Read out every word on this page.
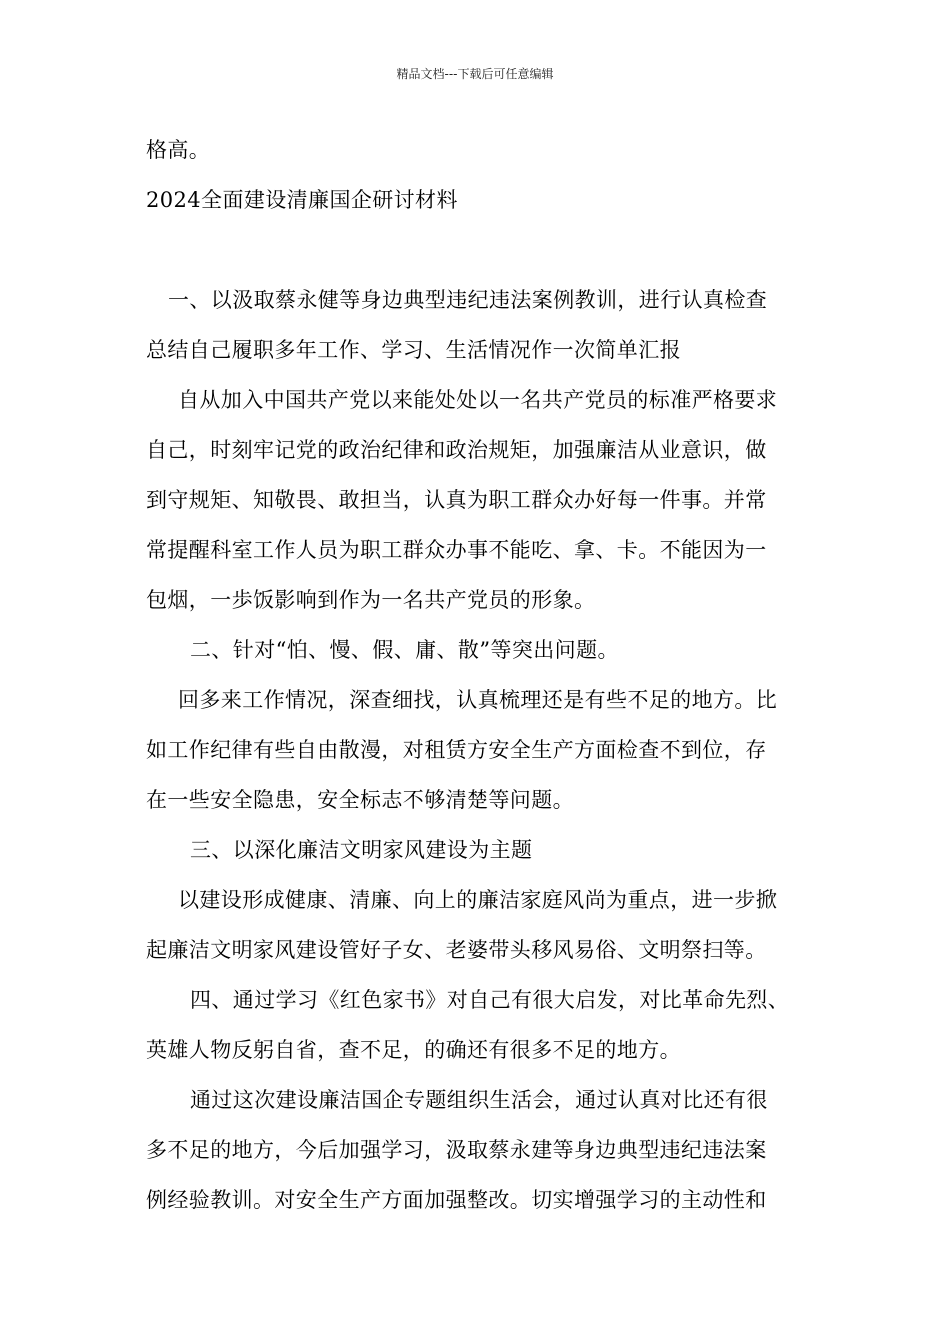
精品文档---下载后可任意编辑
格高。
2024全面建设清廉国企研讨材料
一、以汲取蔡永健等身边典型违纪违法案例教训，进行认真检查
总结自己履职多年工作、学习、生活情况作一次简单汇报
自从加入中国共产党以来能处处以一名共产党员的标准严格要求
自己，时刻牢记党的政治纪律和政治规矩，加强廉洁从业意识，做
到守规矩、知敬畏、敢担当，认真为职工群众办好每一件事。并常
常提醒科室工作人员为职工群众办事不能吃、拿、卡。不能因为一
包烟，一歩饭影响到作为一名共产党员的形象。
二、针对“怕、慢、假、庸、散”等突出问题。
回多来工作情况，深查细找，认真梳理还是有些不足的地方。比
如工作纪律有些自由散漫，对租赁方安全生产方面检查不到位，存
在一些安全隐患，安全标志不够清楚等问题。
三、以深化廉洁文明家风建设为主题
以建设形成健康、清廉、向上的廉洁家庭风尚为重点，进一步掀
起廉洁文明家风建设管好子女、老婆带头移风易俗、文明祭扫等。
四、通过学习《红色家书》对自己有很大启发，对比革命先烈、
英雄人物反躬自省，查不足，的确还有很多不足的地方。
通过这次建设廉洁国企专题组织生活会，通过认真对比还有很
多不足的地方，今后加强学习，汲取蔡永建等身边典型违纪违法案
例经验教训。对安全生产方面加强整改。切实增强学习的主动性和
